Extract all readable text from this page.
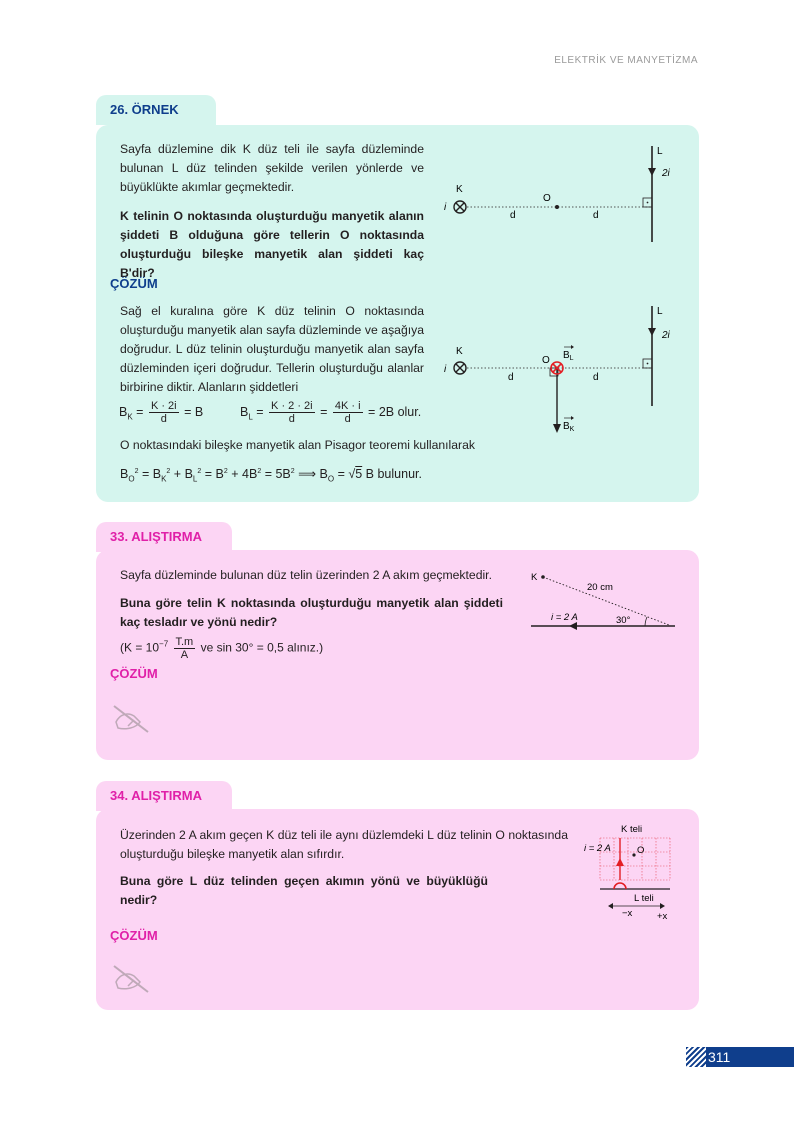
ELEKTRİK VE MANYETİZMA
26. ÖRNEK
Sayfa düzlemine dik K düz teli ile sayfa düzleminde bulunan L düz telinden şekilde verilen yönlerde ve büyüklükte akımlar geçmektedir.
K telinin O noktasında oluşturduğu manyetik alanın şiddeti B olduğuna göre tellerin O noktasında oluşturduğu bileşke manyetik alan şiddeti kaç B'dir?
L
2i
K
i
O
d	d
ÇÖZÜM
Sağ el kuralına göre K düz telinin O noktasında oluşturduğu manyetik alan sayfa düzleminde ve aşağıya doğrudur. L düz telinin oluşturduğu manyetik alan sayfa düzleminden içeri doğrudur. Tellerin oluşturduğu alanlar birbirine diktir. Alanların şiddetleri
L
2i
K
i
O
d	d
$B_L$
$B_K$
$B_K = \frac{K \cdot 2i}{d} = B$	$B_L = \frac{K \cdot 2 \cdot 2i}{d} = \frac{4K \cdot i}{d} = 2B$ olur.
O noktasındaki bileşke manyetik alan Pisagor teoremi kullanılarak
$B_O^2 = B_K^2 + B_L^2 = B^2 + 4B^2 = 5B^2$ ⟹ $B_O = √5$ B bulunur.
33. ALIŞTIRMA
Sayfa düzleminde bulunan düz telin üzerinden 2 A akım geçmektedir.
Buna göre telin K noktasında oluşturduğu manyetik alan şiddeti kaç tesladır ve yönü nedir?
($K = 10^{-7} \frac{T.m}{A}$ ve sin 30° = 0,5 alınız.)
K
20 cm
i = 2 A	30°
ÇÖZÜM
34. ALIŞTIRMA
Üzerinden 2 A akım geçen K düz teli ile aynı düzlemdeki L düz telinin O noktasında oluşturduğu bileşke manyetik alan sıfırdır.
Buna göre L düz telinden geçen akımın yönü ve büyüklüğü nedir?
K teli
i = 2 A	O
L teli
−x	+x
ÇÖZÜM
311
